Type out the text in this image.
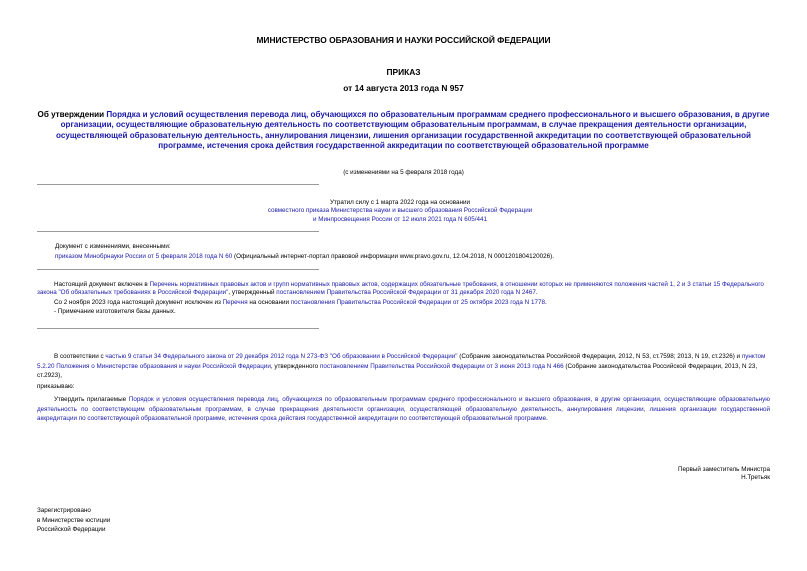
МИНИСТЕРСТВО ОБРАЗОВАНИЯ И НАУКИ РОССИЙСКОЙ ФЕДЕРАЦИИ
ПРИКАЗ
от 14 августа 2013 года N 957
Об утверждении Порядка и условий осуществления перевода лиц, обучающихся по образовательным программам среднего профессионального и высшего образования, в другие организации, осуществляющие образовательную деятельность по соответствующим образовательным программам, в случае прекращения деятельности организации, осуществляющей образовательную деятельность, аннулирования лицензии, лишения организации государственной аккредитации по соответствующей образовательной программе, истечения срока действия государственной аккредитации по соответствующей образовательной программе
(с изменениями на 5 февраля 2018 года)

Утратил силу с 1 марта 2022 года на основании

совместного приказа Министерства науки и высшего образования Российской Федерации

и Минпросвещения России от 12 июля 2021 года N 605/441

Документ с изменениями, внесенными:

приказом Минобрнауки России от 5 февраля 2018 года N 60 (Официальный интернет-портал правовой информации www.pravo.gov.ru, 12.04.2018, N 0001201804120026).

Настоящий документ включен в Перечень нормативных правовых актов и групп нормативных правовых актов, содержащих обязательные требования, в отношении которых не применяются положения частей 1, 2 и 3 статьи 15 Федерального закона "Об обязательных требованиях в Российской Федерации", утвержденный постановлением Правительства Российской Федерации от 31 декабря 2020 года N 2467.

Со 2 ноября 2023 года настоящий документ исключен из Перечня на основании постановления Правительства Российской Федерации от 25 октября 2023 года N 1778.

- Примечание изготовителя базы данных.

В соответствии с частью 9 статьи 34 Федерального закона от 29 декабря 2012 года N 273-ФЗ "Об образовании в Российской Федерации" (Собрание законодательства Российской Федерации, 2012, N 53, ст.7598; 2013, N 19, ст.2326) и пунктом 5.2.20 Положения о Министерстве образования и науки Российской Федерации, утвержденного постановлением Правительства Российской Федерации от 3 июня 2013 года N 466 (Собрание законодательства Российской Федерации, 2013, N 23, ст.2923),

приказываю:

Утвердить прилагаемые Порядок и условия осуществления перевода лиц, обучающихся по образовательным программам среднего профессионального и высшего образования, в другие организации, осуществляющие образовательную деятельность по соответствующим образовательным программам, в случае прекращения деятельности организации, осуществляющей образовательную деятельность, аннулирования лицензии, лишения организации государственной аккредитации по соответствующей образовательной программе, истечения срока действия государственной аккредитации по соответствующей образовательной программе.

Первый заместитель Министра

Н.Третьяк

Зарегистрировано

в Министерстве юстиции

Российской Федерации
